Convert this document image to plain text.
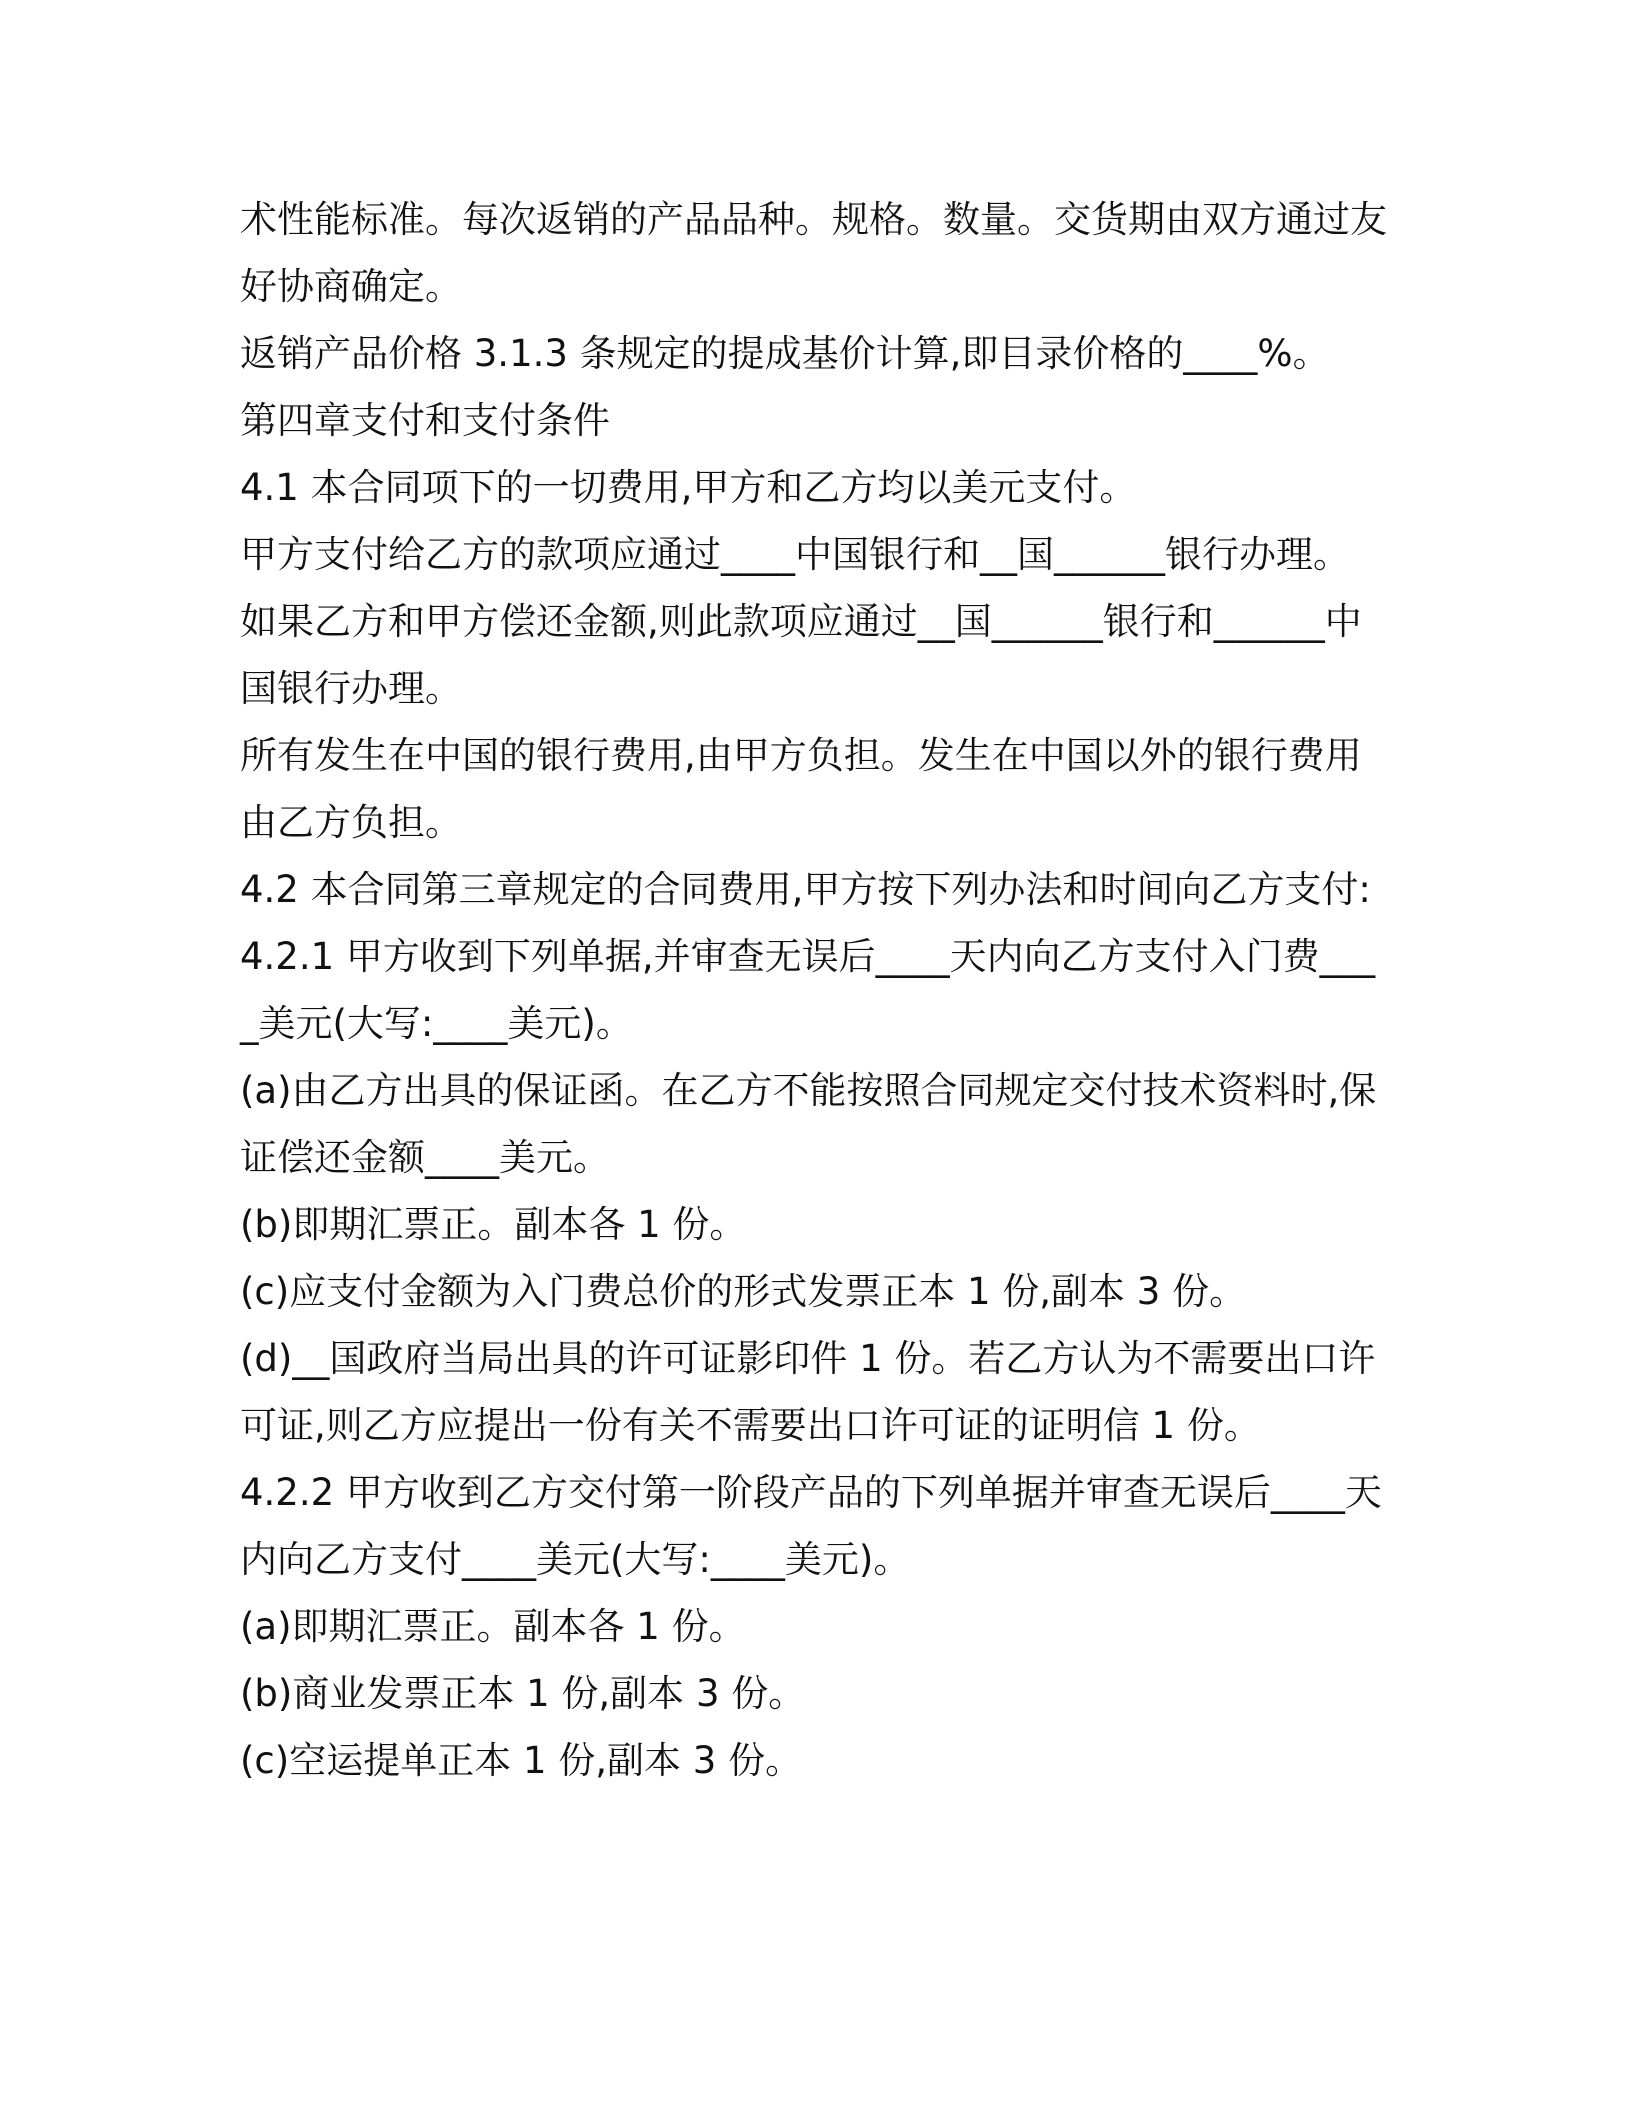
术性能标准。每次返销的产品品种。规格。数量。交货期由双方通过友好协商确定。

返销产品价格 3.1.3 条规定的提成基价计算,即目录价格的____%。

第四章支付和支付条件

4.1 本合同项下的一切费用,甲方和乙方均以美元支付。

甲方支付给乙方的款项应通过____中国银行和__国______银行办理。

如果乙方和甲方偿还金额,则此款项应通过__国______银行和______中国银行办理。

所有发生在中国的银行费用,由甲方负担。发生在中国以外的银行费用由乙方负担。

4.2 本合同第三章规定的合同费用,甲方按下列办法和时间向乙方支付:

4.2.1 甲方收到下列单据,并审查无误后____天内向乙方支付入门费____美元(大写:____美元)。

(a)由乙方出具的保证函。在乙方不能按照合同规定交付技术资料时,保证偿还金额____美元。

(b)即期汇票正。副本各 1 份。

(c)应支付金额为入门费总价的形式发票正本 1 份,副本 3 份。

(d)__国政府当局出具的许可证影印件 1 份。若乙方认为不需要出口许可证,则乙方应提出一份有关不需要出口许可证的证明信 1 份。

4.2.2 甲方收到乙方交付第一阶段产品的下列单据并审查无误后____天内向乙方支付____美元(大写:____美元)。

(a)即期汇票正。副本各 1 份。

(b)商业发票正本 1 份,副本 3 份。

(c)空运提单正本 1 份,副本 3 份。
